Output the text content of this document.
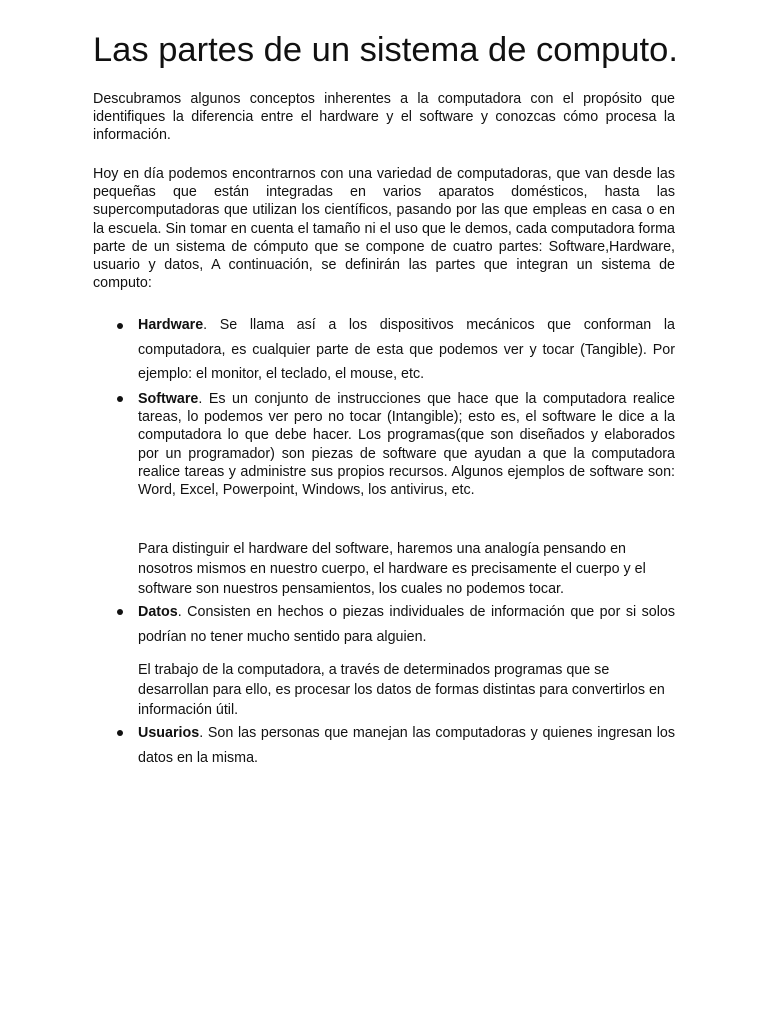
Las partes de un sistema de computo.

Descubramos algunos conceptos inherentes a la computadora con el propósito que identifiques la diferencia entre el hardware y el software y conozcas cómo procesa la información.

Hoy en día podemos encontrarnos con una variedad de computadoras, que van desde las pequeñas que están integradas en varios aparatos domésticos, hasta las supercomputadoras que utilizan los científicos, pasando por las que empleas en casa o en la escuela. Sin tomar en cuenta el tamaño ni el uso que le demos, cada computadora forma parte de un sistema de cómputo que se compone de cuatro partes: Software,Hardware, usuario y datos, A continuación, se definirán las partes que integran un sistema de computo:

Hardware. Se llama así a los dispositivos mecánicos que conforman la computadora, es cualquier parte de esta que podemos ver y tocar (Tangible). Por ejemplo: el monitor, el teclado, el mouse, etc.

Software. Es un conjunto de instrucciones que hace que la computadora realice tareas, lo podemos ver pero no tocar (Intangible); esto es, el software le dice a la computadora lo que debe hacer. Los programas(que son diseñados y elaborados por un programador) son piezas de software que ayudan a que la computadora realice tareas y administre sus propios recursos. Algunos ejemplos de software son: Word, Excel, Powerpoint, Windows, los antivirus, etc.

Para distinguir el hardware del software, haremos una analogía pensando en nosotros mismos en nuestro cuerpo, el hardware es precisamente el cuerpo y el software son nuestros pensamientos, los cuales no podemos tocar.

Datos. Consisten en hechos o piezas individuales de información que por si solos podrían no tener mucho sentido para alguien.

El trabajo de la computadora, a través de determinados programas que se desarrollan para ello, es procesar los datos de formas distintas para convertirlos en información útil.

Usuarios. Son las personas que manejan las computadoras y quienes ingresan los datos en la misma.
